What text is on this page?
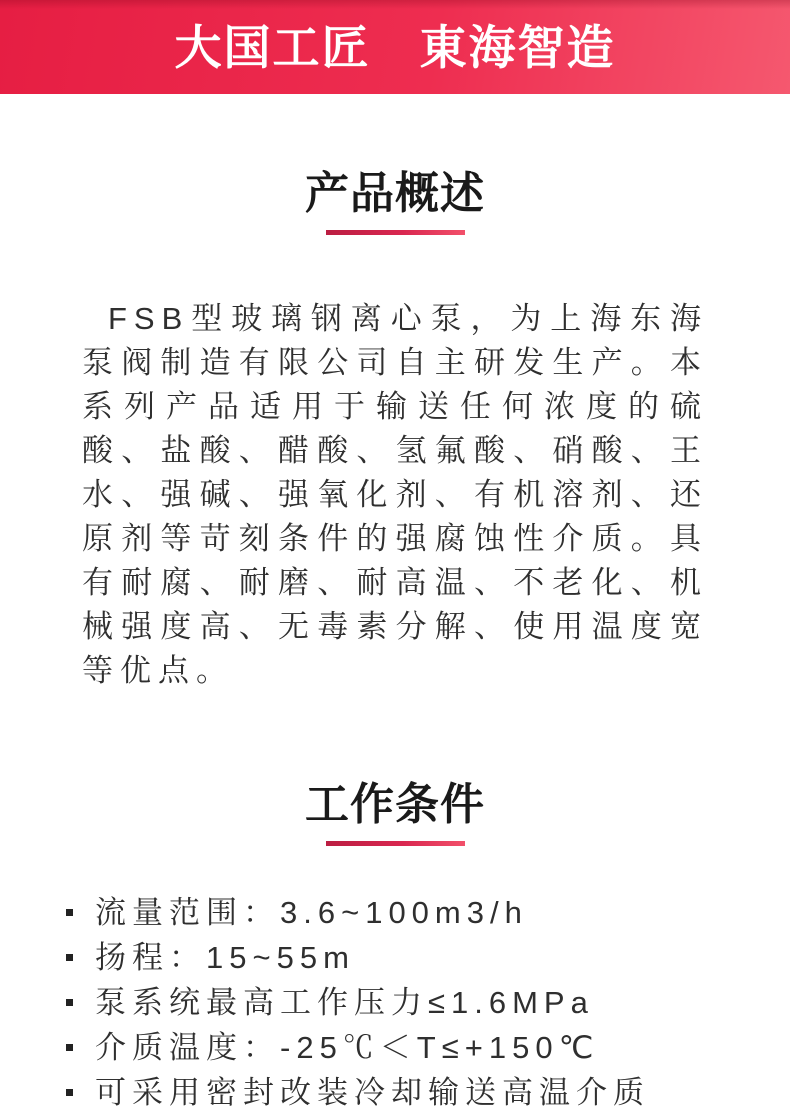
大国工匠　東海智造
产品概述

FSB型玻璃钢离心泵，为上海东海泵阀制造有限公司自主研发生产。本系列产品适用于输送任何浓度的硫酸、盐酸、醋酸、氢氟酸、硝酸、王水、强碱、强氧化剂、有机溶剂、还原剂等苛刻条件的强腐蚀性介质。具有耐腐、耐磨、耐高温、不老化、机械强度高、无毒素分解、使用温度宽等优点。

工作条件
流量范围：3.6~100m3/h
扬程：15~55m
泵系统最高工作压力≤1.6MPa
介质温度：-25℃＜T≤+150℃
可采用密封改装冷却输送高温介质
